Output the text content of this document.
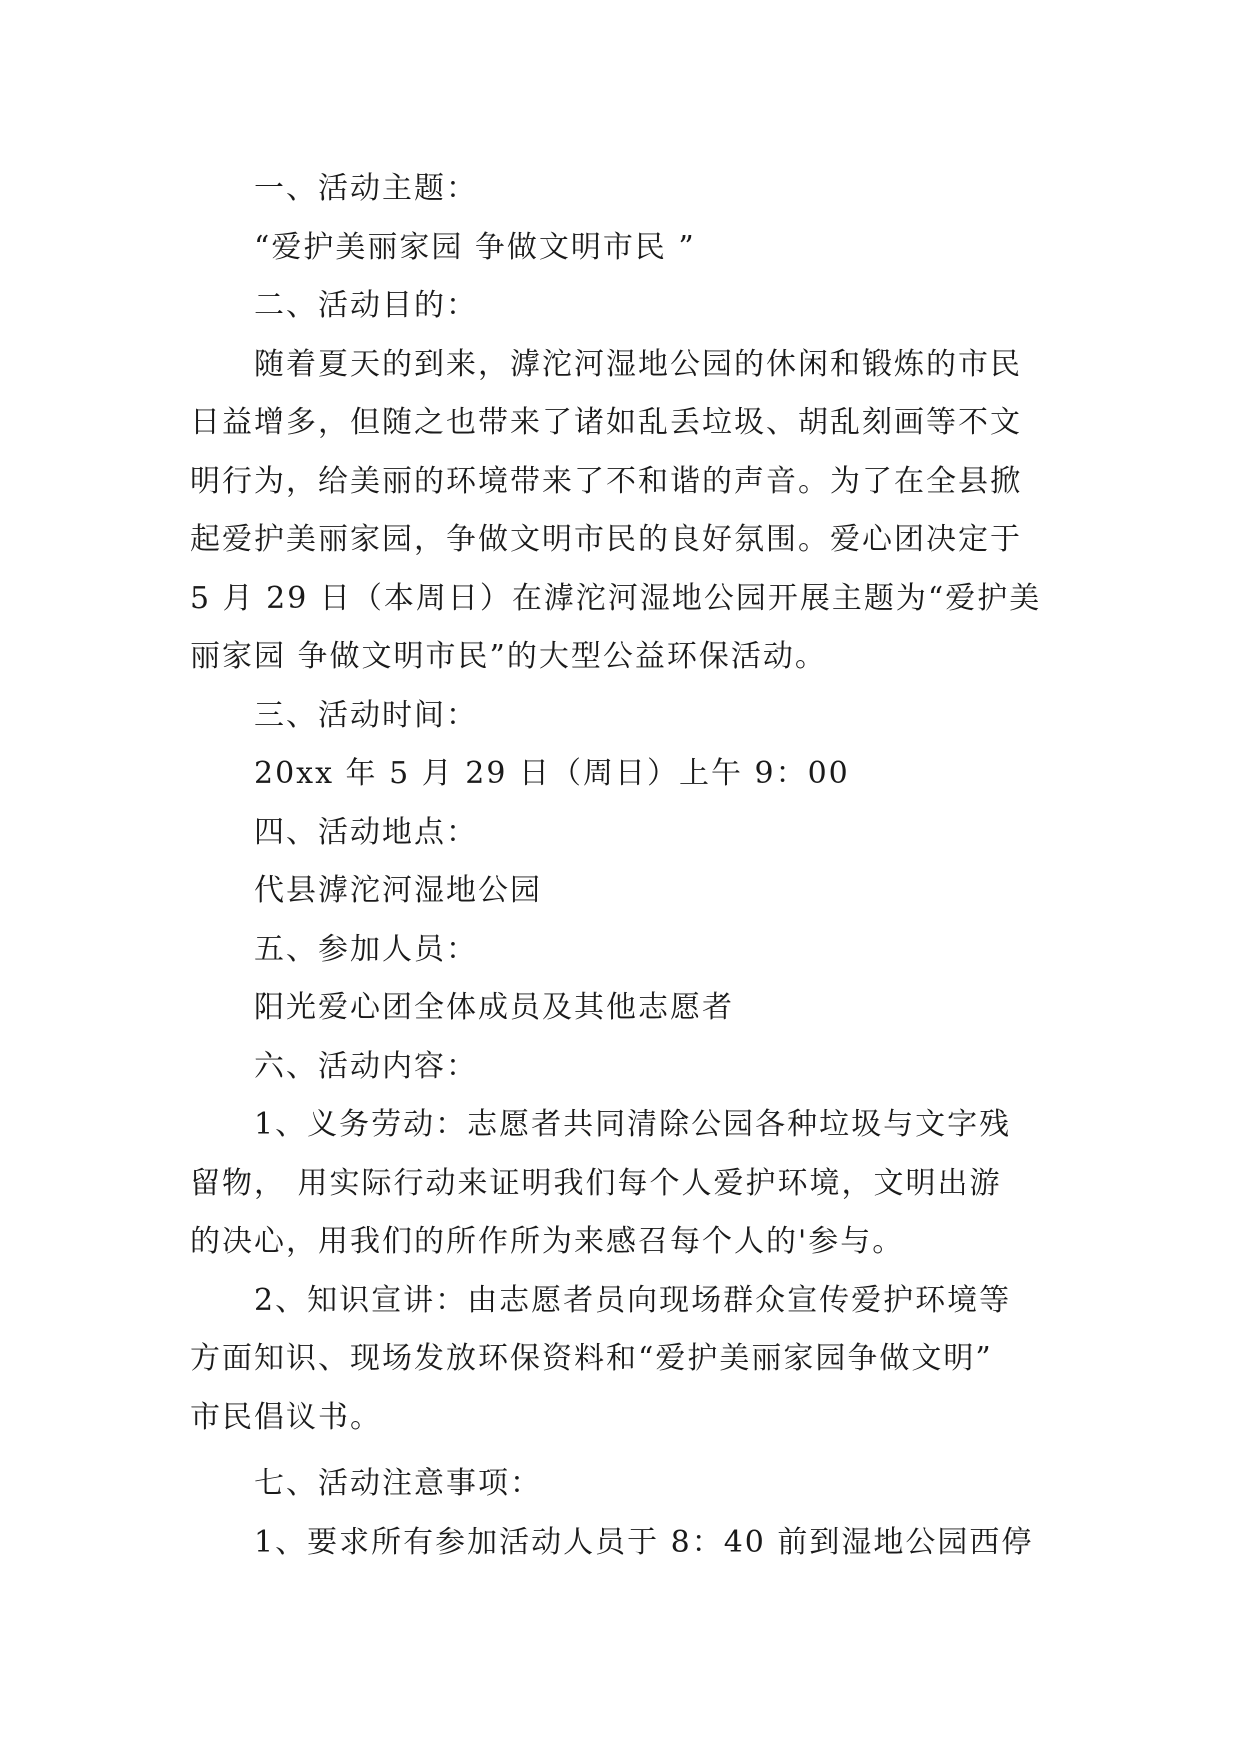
一、活动主题：

“爱护美丽家园 争做文明市民 ”

二、活动目的：

随着夏天的到来，滹沱河湿地公园的休闲和锻炼的市民

日益增多，但随之也带来了诸如乱丢垃圾、胡乱刻画等不文

明行为，给美丽的环境带来了不和谐的声音。为了在全县掀

起爱护美丽家园，争做文明市民的良好氛围。爱心团决定于

5 月 29 日（本周日）在滹沱河湿地公园开展主题为“爱护美

丽家园 争做文明市民”的大型公益环保活动。

三、活动时间：

20xx 年 5 月 29 日（周日）上午 9：00

四、活动地点：

代县滹沱河湿地公园

五、参加人员：

阳光爱心团全体成员及其他志愿者

六、活动内容：

1、义务劳动：志愿者共同清除公园各种垃圾与文字残

留物， 用实际行动来证明我们每个人爱护环境，文明出游

的决心，用我们的所作所为来感召每个人的'参与。

2、知识宣讲：由志愿者员向现场群众宣传爱护环境等

方面知识、现场发放环保资料和“爱护美丽家园争做文明”

市民倡议书。

七、活动注意事项：

1、要求所有参加活动人员于 8：40 前到湿地公园西停
